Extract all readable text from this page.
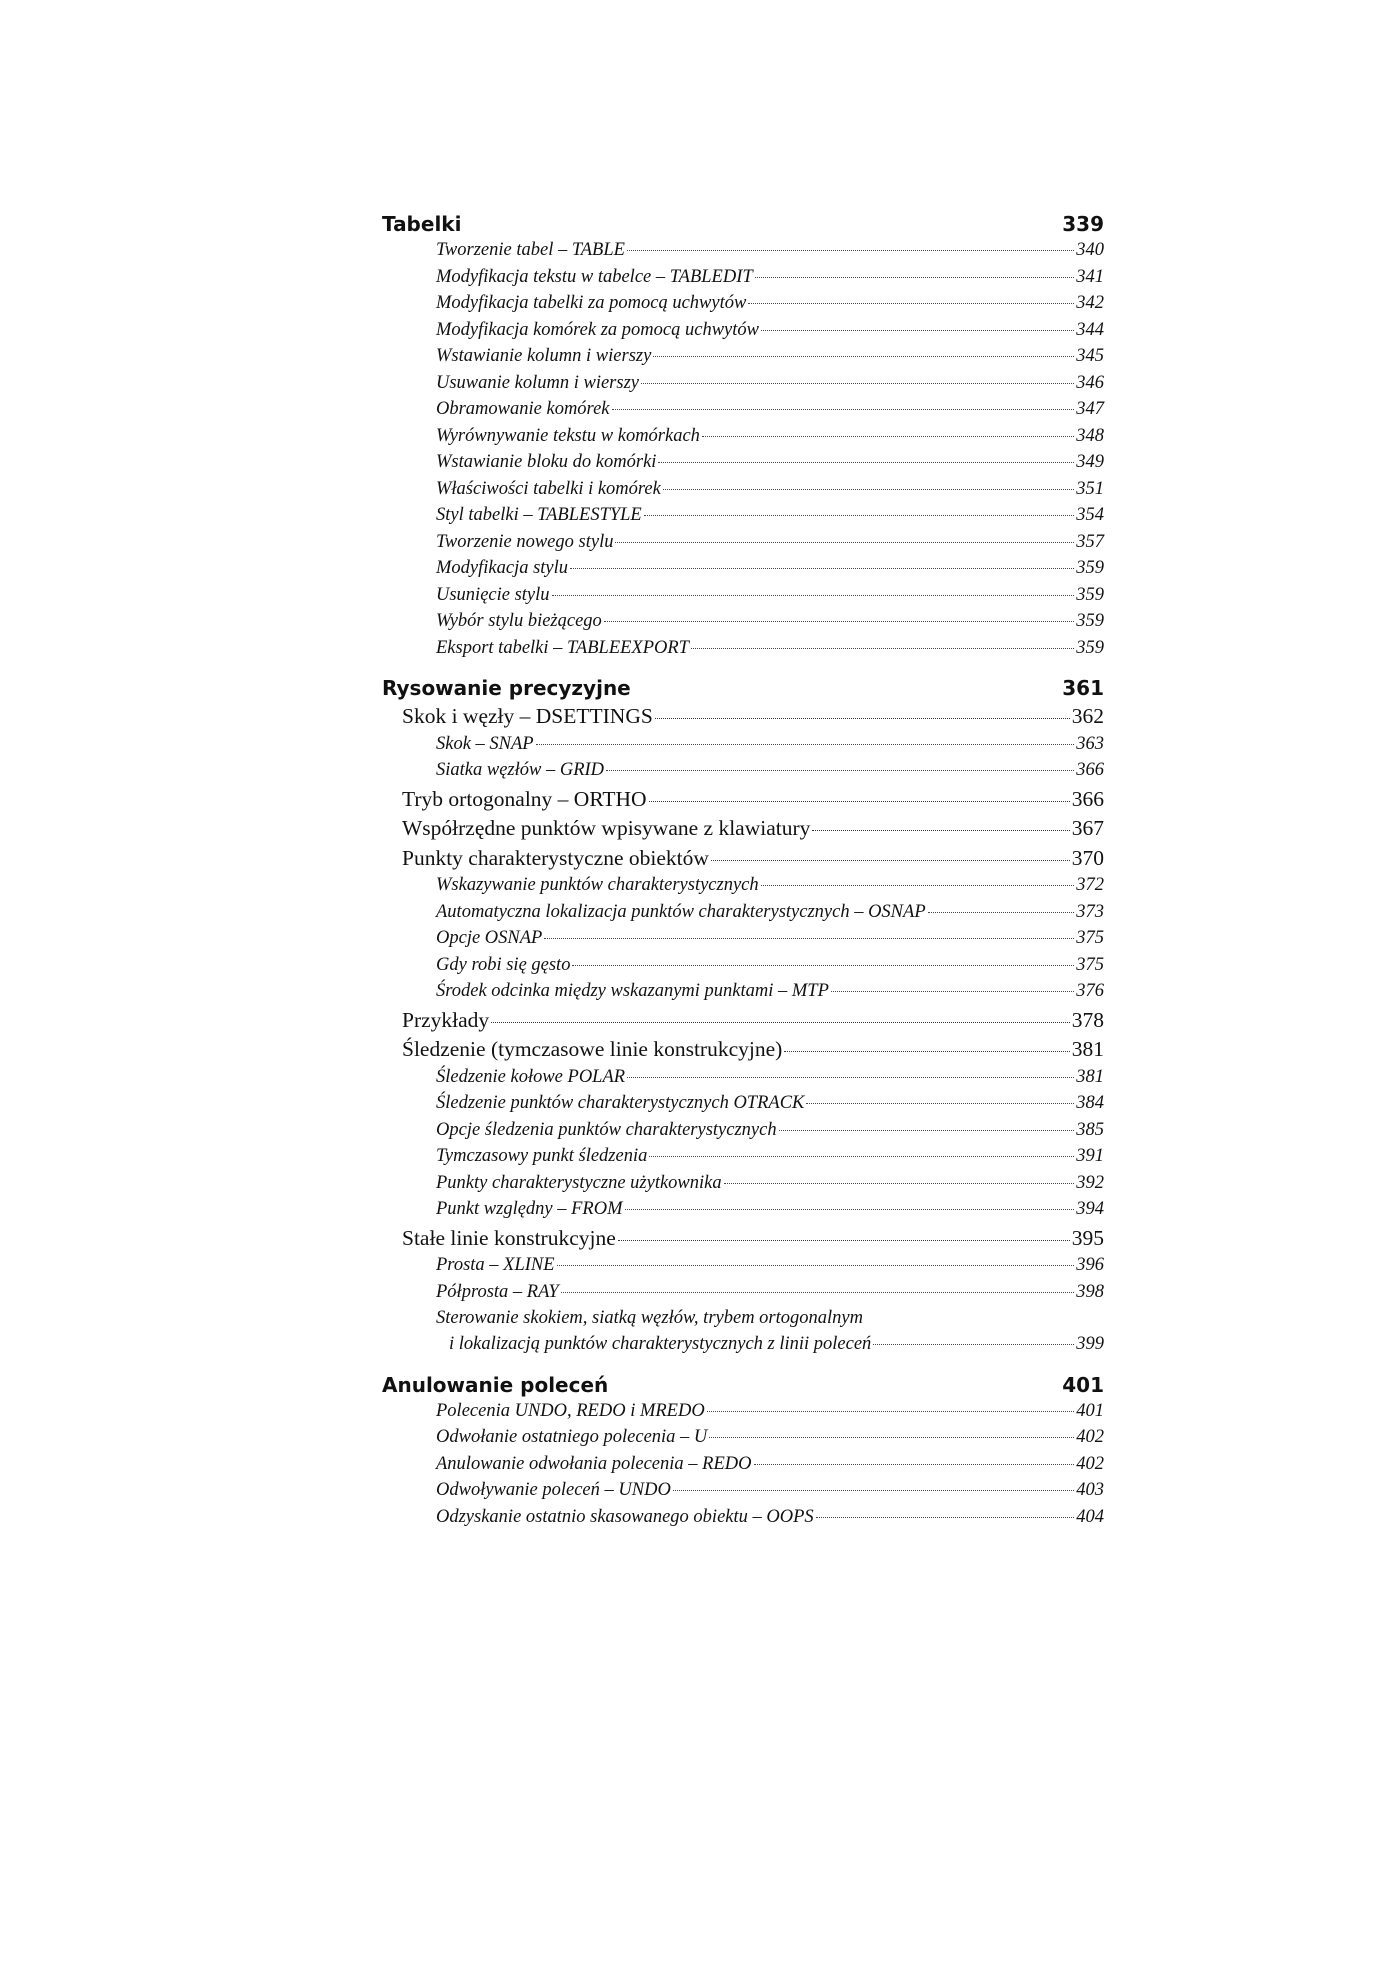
Tabelki	339
Tworzenie tabel – TABLE	340
Modyfikacja tekstu w tabelce – TABLEDIT	341
Modyfikacja tabelki za pomocą uchwytów	342
Modyfikacja komórek za pomocą uchwytów	344
Wstawianie kolumn i wierszy	345
Usuwanie kolumn i wierszy	346
Obramowanie komórek	347
Wyrównywanie tekstu w komórkach	348
Wstawianie bloku do komórki	349
Właściwości tabelki i komórek	351
Styl tabelki – TABLESTYLE	354
Tworzenie nowego stylu	357
Modyfikacja stylu	359
Usunięcie stylu	359
Wybór stylu bieżącego	359
Eksport tabelki – TABLEEXPORT	359
Rysowanie precyzyjne	361
Skok i węzły – DSETTINGS	362
Skok – SNAP	363
Siatka węzłów – GRID	366
Tryb ortogonalny – ORTHO	366
Współrzędne punktów wpisywane z klawiatury	367
Punkty charakterystyczne obiektów	370
Wskazywanie punktów charakterystycznych	372
Automatyczna lokalizacja punktów charakterystycznych – OSNAP	373
Opcje OSNAP	375
Gdy robi się gęsto	375
Środek odcinka między wskazanymi punktami – MTP	376
Przykłady	378
Śledzenie (tymczasowe linie konstrukcyjne)	381
Śledzenie kołowe POLAR	381
Śledzenie punktów charakterystycznych OTRACK	384
Opcje śledzenia punktów charakterystycznych	385
Tymczasowy punkt śledzenia	391
Punkty charakterystyczne użytkownika	392
Punkt względny – FROM	394
Stałe linie konstrukcyjne	395
Prosta – XLINE	396
Półprosta – RAY	398
Sterowanie skokiem, siatką węzłów, trybem ortogonalnym
i lokalizacją punktów charakterystycznych z linii poleceń	399
Anulowanie poleceń	401
Polecenia UNDO, REDO i MREDO	401
Odwołanie ostatniego polecenia – U	402
Anulowanie odwołania polecenia – REDO	402
Odwoływanie poleceń – UNDO	403
Odzyskanie ostatnio skasowanego obiektu – OOPS	404
